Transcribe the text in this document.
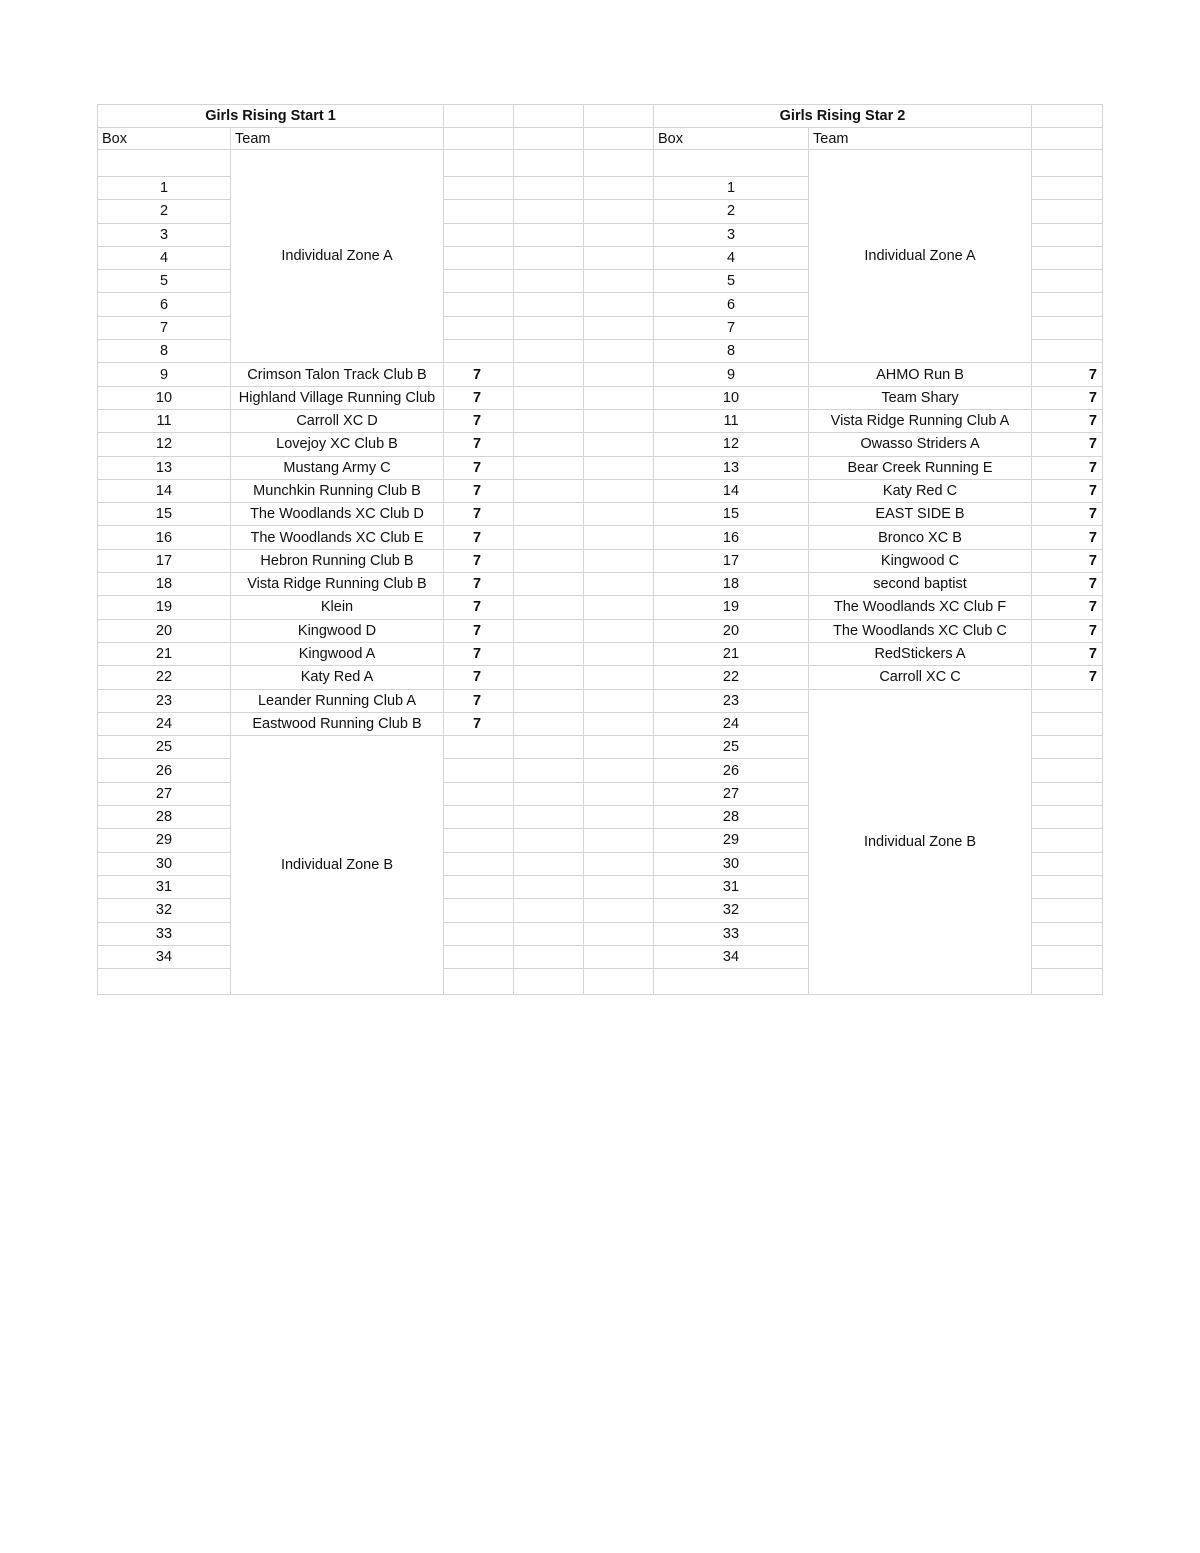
Girls Rising Start 1					Girls Rising Star 2		
Box	Team				Box	Team	
	Individual Zone A					Individual Zone A	
1					1		
2					2		
3					3		
4					4		
5					5		
6					6		
7					7		
8					8		
9	Crimson Talon Track Club B	7			9	AHMO Run B	7
10	Highland Village Running Club	7			10	Team Shary	7
11	Carroll XC D	7			11	Vista Ridge Running Club A	7
12	Lovejoy XC Club B	7			12	Owasso Striders A	7
13	Mustang Army C	7			13	Bear Creek Running E	7
14	Munchkin Running Club B	7			14	Katy Red C	7
15	The Woodlands XC Club D	7			15	EAST SIDE B	7
16	The Woodlands XC Club E	7			16	Bronco XC B	7
17	Hebron Running Club B	7			17	Kingwood C	7
18	Vista Ridge Running Club B	7			18	second baptist	7
19	Klein	7			19	The Woodlands XC Club F	7
20	Kingwood D	7			20	The Woodlands XC Club C	7
21	Kingwood A	7			21	RedStickers A	7
22	Katy Red A	7			22	Carroll XC C	7
23	Leander Running Club A	7			23	Individual Zone B	
24	Eastwood Running Club B	7			24		
25	Individual Zone B				25		
26					26		
27					27		
28					28		
29					29		
30					30		
31					31		
32					32		
33					33		
34					34		
